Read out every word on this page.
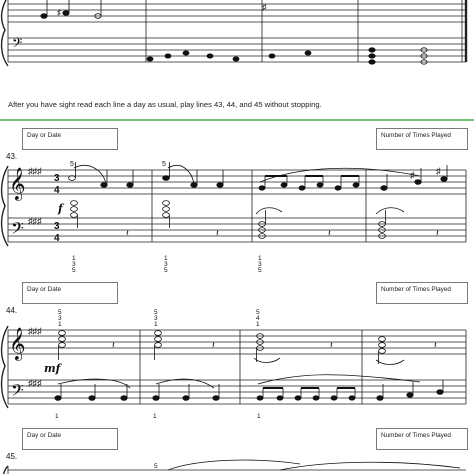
𝄢
♯
♯
𝄞
𝄢
♯♯♯
♯♯♯
3
4
3
4
5	5
♯ ♯
1
3
5
𝄽
1
3
5
𝄽
1
3
5
𝄽	𝄽
𝄞
𝄢
♯♯♯
♯♯♯
5
3
1
𝄽
5
3
1
𝄽
5
4
1
𝄽	𝄽
1	1	1
5
After you have sight read each line a day as usual, play lines 43, 44, and 45 without stopping.
Day or Date	Number of Times Played
43.
f
Day or Date	Number of Times Played
44.
mf
Day or Date	Number of Times Played
45.
